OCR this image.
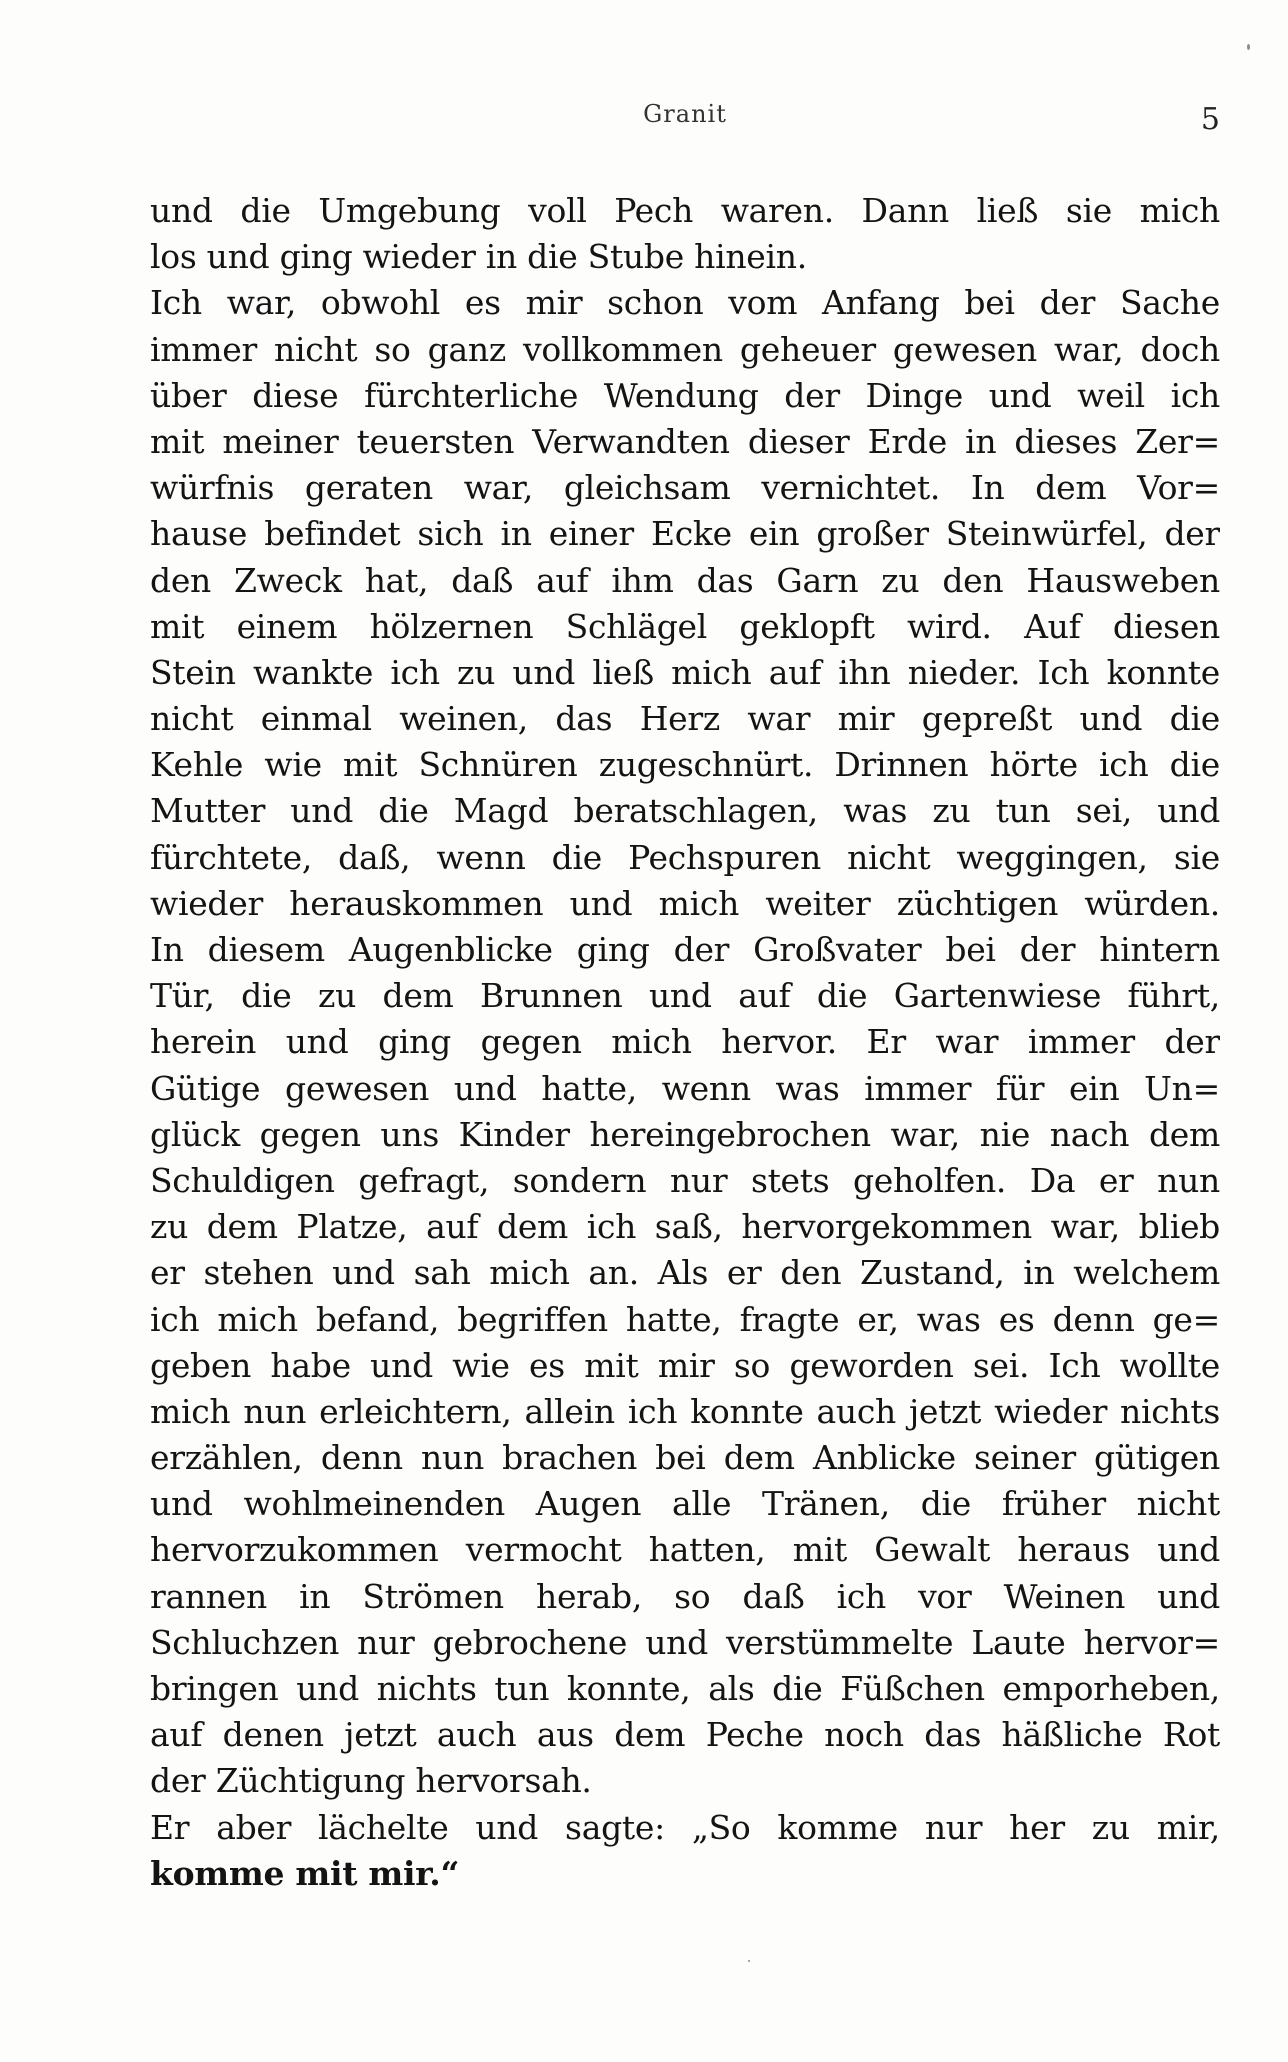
Granit	5
und die Umgebung voll Pech waren. Dann ließ sie mich
los und ging wieder in die Stube hinein.
Ich war, obwohl es mir schon vom Anfang bei der Sache
immer nicht so ganz vollkommen geheuer gewesen war, doch
über diese fürchterliche Wendung der Dinge und weil ich
mit meiner teuersten Verwandten dieser Erde in dieses Zer=
würfnis geraten war, gleichsam vernichtet. In dem Vor=
hause befindet sich in einer Ecke ein großer Steinwürfel, der
den Zweck hat, daß auf ihm das Garn zu den Hausweben
mit einem hölzernen Schlägel geklopft wird. Auf diesen
Stein wankte ich zu und ließ mich auf ihn nieder. Ich konnte
nicht einmal weinen, das Herz war mir gepreßt und die
Kehle wie mit Schnüren zugeschnürt. Drinnen hörte ich die
Mutter und die Magd beratschlagen, was zu tun sei, und
fürchtete, daß, wenn die Pechspuren nicht weggingen, sie
wieder herauskommen und mich weiter züchtigen würden.
In diesem Augenblicke ging der Großvater bei der hintern
Tür, die zu dem Brunnen und auf die Gartenwiese führt,
herein und ging gegen mich hervor. Er war immer der
Gütige gewesen und hatte, wenn was immer für ein Un=
glück gegen uns Kinder hereingebrochen war, nie nach dem
Schuldigen gefragt, sondern nur stets geholfen. Da er nun
zu dem Platze, auf dem ich saß, hervorgekommen war, blieb
er stehen und sah mich an. Als er den Zustand, in welchem
ich mich befand, begriffen hatte, fragte er, was es denn ge=
geben habe und wie es mit mir so geworden sei. Ich wollte
mich nun erleichtern, allein ich konnte auch jetzt wieder nichts
erzählen, denn nun brachen bei dem Anblicke seiner gütigen
und wohlmeinenden Augen alle Tränen, die früher nicht
hervorzukommen vermocht hatten, mit Gewalt heraus und
rannen in Strömen herab, so daß ich vor Weinen und
Schluchzen nur gebrochene und verstümmelte Laute hervor=
bringen und nichts tun konnte, als die Füßchen emporheben,
auf denen jetzt auch aus dem Peche noch das häßliche Rot
der Züchtigung hervorsah.
Er aber lächelte und sagte: „So komme nur her zu mir,
komme mit mir.“
